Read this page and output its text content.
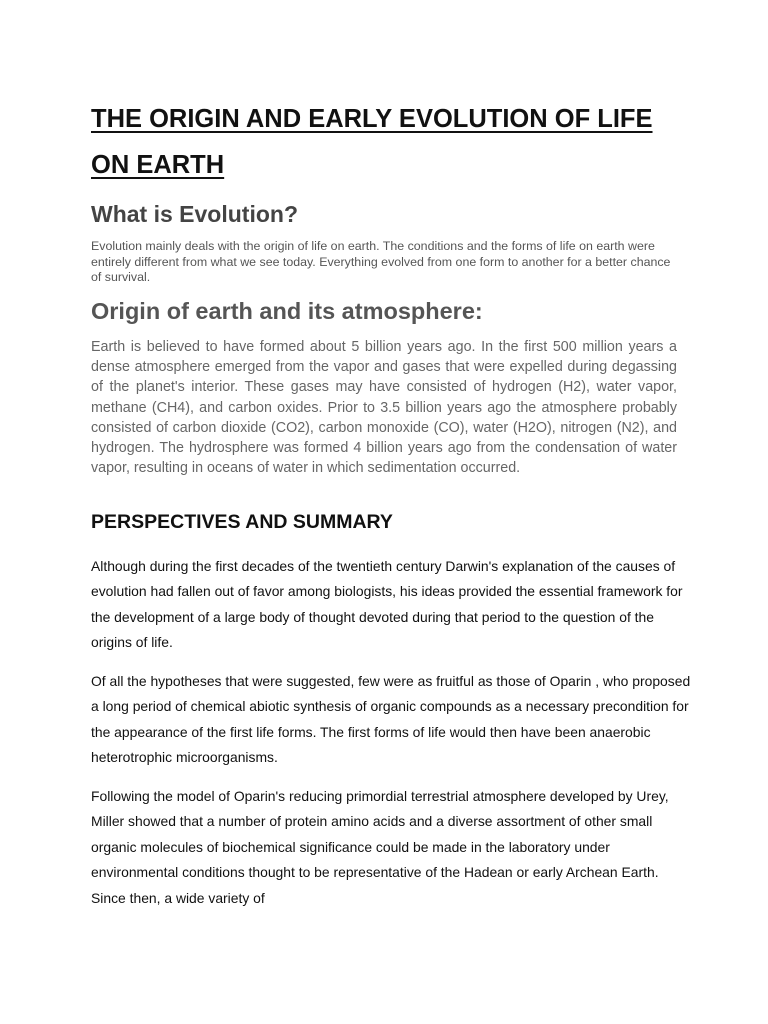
THE ORIGIN AND EARLY EVOLUTION OF LIFE ON EARTH
What is Evolution?

Evolution mainly deals with the origin of life on earth. The conditions and the forms of life on earth were entirely different from what we see today. Everything evolved from one form to another for a better chance of survival.

Origin of earth and its atmosphere:

Earth is believed to have formed about 5 billion years ago. In the first 500 million years a dense atmosphere emerged from the vapor and gases that were expelled during degassing of the planet's interior. These gases may have consisted of hydrogen (H2), water vapor, methane (CH4), and carbon oxides. Prior to 3.5 billion years ago the atmosphere probably consisted of carbon dioxide (CO2), carbon monoxide (CO), water (H2O), nitrogen (N2), and hydrogen. The hydrosphere was formed 4 billion years ago from the condensation of water vapor, resulting in oceans of water in which sedimentation occurred.

PERSPECTIVES AND SUMMARY

Although during the first decades of the twentieth century Darwin's explanation of the causes of evolution had fallen out of favor among biologists, his ideas provided the essential framework for the development of a large body of thought devoted during that period to the question of the origins of life.

Of all the hypotheses that were suggested, few were as fruitful as those of Oparin , who proposed a long period of chemical abiotic synthesis of organic compounds as a necessary precondition for the appearance of the first life forms. The first forms of life would then have been anaerobic heterotrophic microorganisms.

Following the model of Oparin's reducing primordial terrestrial atmosphere developed by Urey, Miller showed that a number of protein amino acids and a diverse assortment of other small organic molecules of biochemical significance could be made in the laboratory under environmental conditions thought to be representative of the Hadean or early Archean Earth. Since then, a wide variety of
